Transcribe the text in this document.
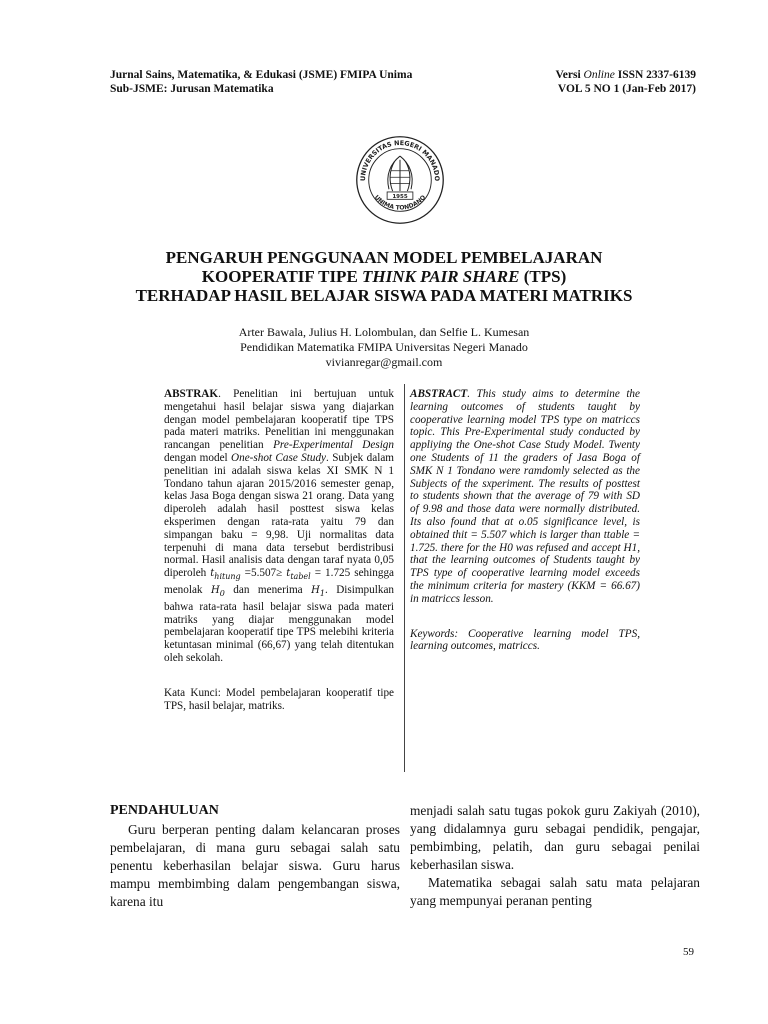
Jurnal Sains, Matematika, & Edukasi (JSME) FMIPA Unima
Sub-JSME: Jurusan Matematika
Versi Online ISSN 2337-6139
VOL 5 NO 1 (Jan-Feb 2017)
UNIVERSITAS NEGERI MANADO
UNIMA TONDANO
1955
PENGARUH PENGGUNAAN MODEL PEMBELAJARAN
KOOPERATIF TIPE THINK PAIR SHARE (TPS)
TERHADAP HASIL BELAJAR SISWA PADA MATERI MATRIKS
Arter Bawala, Julius H. Lolombulan, dan Selfie L. Kumesan
Pendidikan Matematika FMIPA Universitas Negeri Manado
vivianregar@gmail.com
ABSTRAK. Penelitian ini bertujuan untuk mengetahui hasil belajar siswa yang diajarkan dengan model pembelajaran kooperatif tipe TPS pada materi matriks. Penelitian ini menggunakan rancangan penelitian Pre-Experimental Design dengan model One-shot Case Study. Subjek dalam penelitian ini adalah siswa kelas XI SMK N 1 Tondano tahun ajaran 2015/2016 semester genap, kelas Jasa Boga dengan siswa 21 orang. Data yang diperoleh adalah hasil posttest siswa kelas eksperimen dengan rata-rata yaitu 79 dan simpangan baku = 9,98. Uji normalitas data terpenuhi di mana data tersebut berdistribusi normal. Hasil analisis data dengan taraf nyata 0,05 diperoleh $t_{hitung} =5.507\ge t_{tabel} = 1.725$ sehingga menolak $H_0$ dan menerima $H_1$. Disimpulkan bahwa rata-rata hasil belajar siswa pada materi matriks yang diajar menggunakan model pembelajaran kooperatif tipe TPS melebihi kriteria ketuntasan minimal (66,67) yang telah ditentukan oleh sekolah.
Kata Kunci: Model pembelajaran kooperatif tipe TPS, hasil belajar, matriks.
ABSTRACT. This study aims to determine the learning outcomes of students taught by cooperative learning model TPS type on matriccs topic. This Pre-Experimental study conducted by appliying the One-shot Case Study Model. Twenty one Students of 11 the graders of Jasa Boga of SMK N 1 Tondano were ramdomly selected as the Subjects of the sxperiment. The results of posttest to students shown that the average of 79 with SD of 9.98 and those data were normally distributed. Its also found that at o.05 significance level, is obtained thit = 5.507 which is larger than ttable = 1.725. there for the H0 was refused and accept H1, that the learning outcomes of Students taught by TPS type of cooperative learning model exceeds the minimum criteria for mastery (KKM = 66.67) in matriccs lesson.
Keywords: Cooperative learning model TPS, learning outcomes, matriccs.
PENDAHULUAN
Guru berperan penting dalam kelancaran proses pembelajaran, di mana guru sebagai salah satu penentu keberhasilan belajar siswa. Guru harus mampu membimbing dalam pengembangan siswa, karena itu
menjadi salah satu tugas pokok guru Zakiyah (2010), yang didalamnya guru sebagai pendidik, pengajar, pembimbing, pelatih, dan guru sebagai penilai keberhasilan siswa.
Matematika sebagai salah satu mata pelajaran yang mempunyai peranan penting
59
